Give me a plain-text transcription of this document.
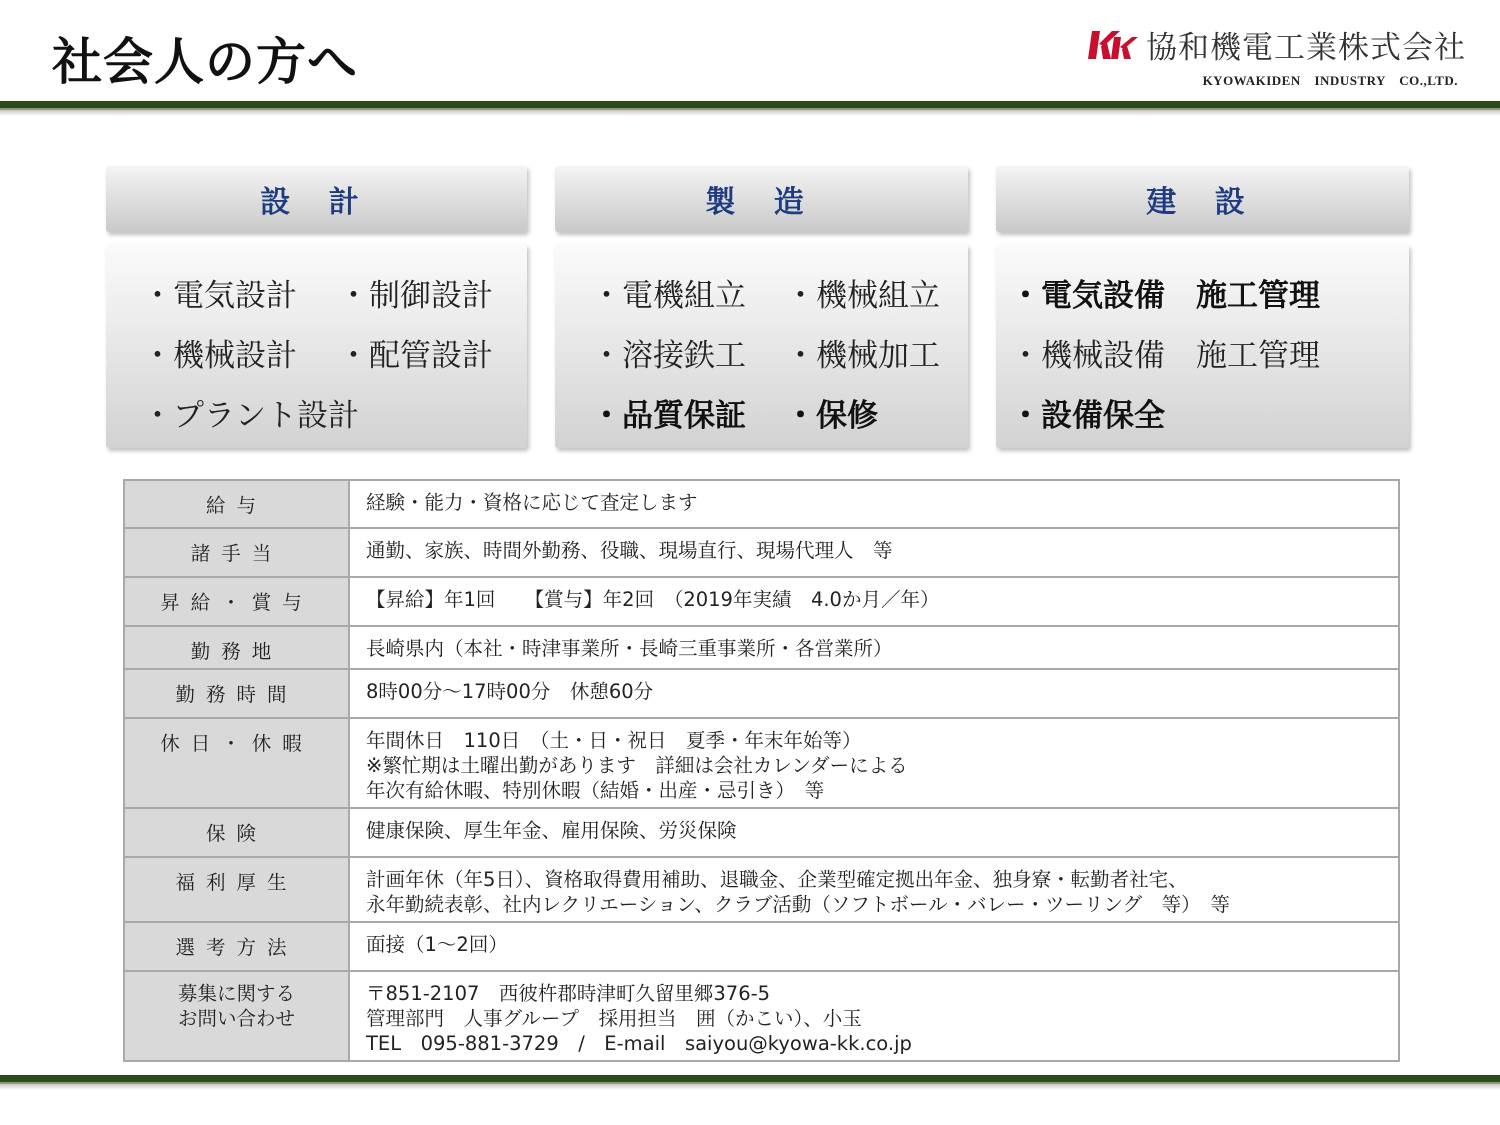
社会人の方へ	協和機電工業株式会社
KYOWAKIDEN INDUSTRY CO.,LTD.
設 計
・電気設計 ・制御設計
・機械設計 ・配管設計
・プラント設計
製 造
・電機組立 ・機械組立
・溶接鉄工 ・機械加工
・品質保証 ・保修
建 設
・電気設備　施工管理
・機械設備　施工管理
・設備保全
給与	経験・能力・資格に応じて査定します

諸手当	通勤、家族、時間外勤務、役職、現場直行、現場代理人　等

昇給・賞与	【昇給】年1回　　【賞与】年2回　（2019年実績　4.0か月／年）

勤務地	長崎県内（本社・時津事業所・長崎三重事業所・各営業所）

勤務時間	8時00分～17時00分　休憩60分

休日・休暇	年間休日　110日　（土・日・祝日　夏季・年末年始等）
※繁忙期は土曜出勤があります　詳細は会社カレンダーによる
年次有給休暇、特別休暇（結婚・出産・忌引き）　等

保険	健康保険、厚生年金、雇用保険、労災保険

福利厚生	計画年休（年5日）、資格取得費用補助、退職金、企業型確定拠出年金、独身寮・転勤者社宅、
永年勤続表彰、社内レクリエーション、クラブ活動（ソフトボール・バレー・ツーリング　等）　等

選考方法	面接（1～2回）

募集に関する
お問い合わせ	〒851-2107　西彼杵郡時津町久留里郷376-5
管理部門　人事グループ　採用担当　囲（かこい）、小玉
TEL　095-881-3729　/　E-mail　saiyou@kyowa-kk.co.jp
